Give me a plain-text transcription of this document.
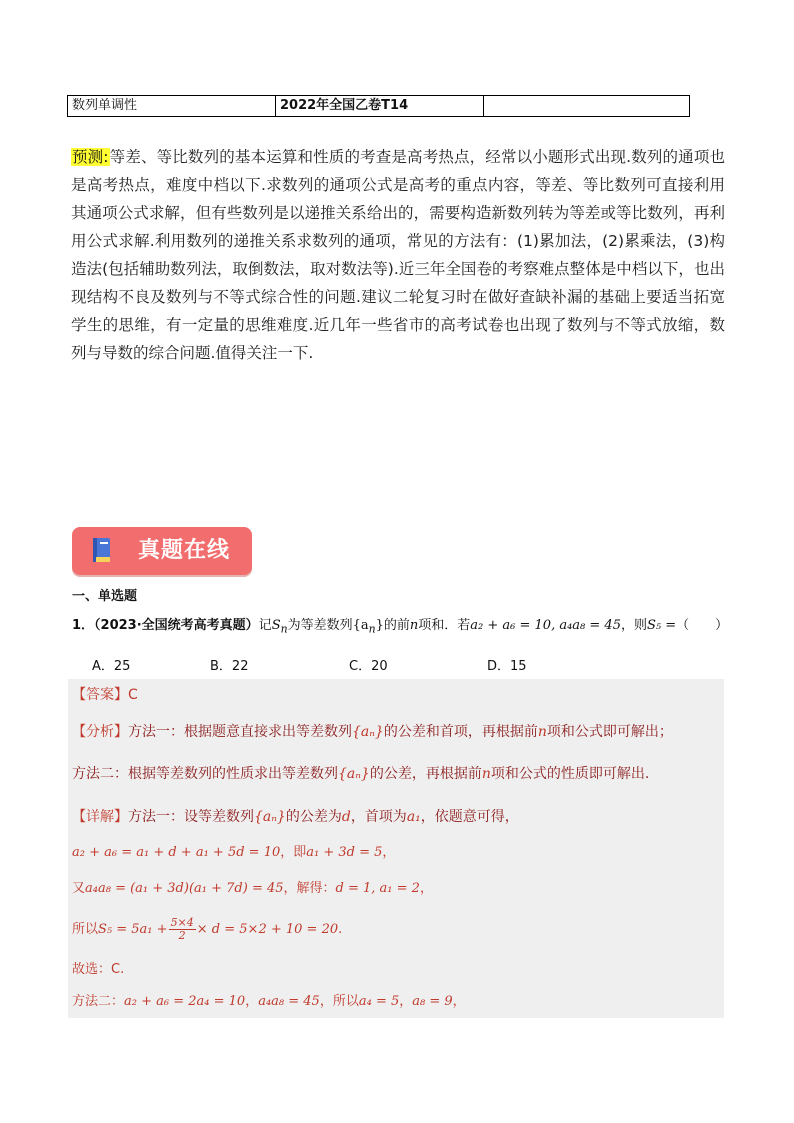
数列单调性	2022年全国乙卷T14	
预测:等差、等比数列的基本运算和性质的考查是高考热点，经常以小题形式出现.数列的通项也是高考热点，难度中档以下.求数列的通项公式是高考的重点内容，等差、等比数列可直接利用其通项公式求解，但有些数列是以递推关系给出的，需要构造新数列转为等差或等比数列，再利用公式求解.利用数列的递推关系求数列的通项，常见的方法有：(1)累加法，(2)累乘法，(3)构造法(包括辅助数列法，取倒数法，取对数法等).近三年全国卷的考察难点整体是中档以下，也出现结构不良及数列与不等式综合性的问题.建议二轮复习时在做好查缺补漏的基础上要适当拓宽学生的思维，有一定量的思维难度.近几年一些省市的高考试卷也出现了数列与不等式放缩，数列与导数的综合问题.值得关注一下.
真题在线
一、单选题
1．（2023·全国统考高考真题）记$S_n$为等差数列$\{a_n\}$的前n项和．若a₂ + a₆ = 10, a₄a₈ = 45，则S₅ =（　　）
A．25	B．22	C．20	D．15
【答案】C
【分析】方法一：根据题意直接求出等差数列{aₙ}的公差和首项，再根据前n项和公式即可解出；
方法二：根据等差数列的性质求出等差数列{aₙ}的公差，再根据前n项和公式的性质即可解出.
【详解】方法一：设等差数列{aₙ}的公差为d，首项为a₁，依题意可得，
a₂ + a₆ = a₁ + d + a₁ + 5d = 10，即a₁ + 3d = 5，
又a₄a₈ = (a₁ + 3d)(a₁ + 7d) = 45，解得：d = 1, a₁ = 2，
所以$S_5 = 5a_1 + \frac{5\times 4}{2} \times d = 5\times 2 + 10 = 20$.
故选：C.
方法二：a₂ + a₆ = 2a₄ = 10，a₄a₈ = 45，所以a₄ = 5，a₈ = 9，
